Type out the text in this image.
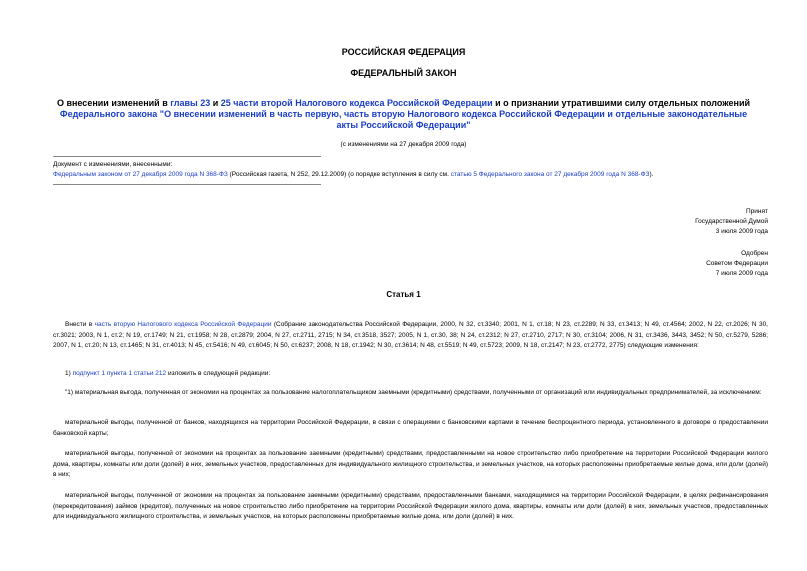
РОССИЙСКАЯ ФЕДЕРАЦИЯ
ФЕДЕРАЛЬНЫЙ ЗАКОН
О внесении изменений в главы 23 и 25 части второй Налогового кодекса Российской Федерации и о признании утратившими силу отдельных положений Федерального закона "О внесении изменений в часть первую, часть вторую Налогового кодекса Российской Федерации и отдельные законодательные акты Российской Федерации"
(с изменениями на 27 декабря 2009 года)
Документ с изменениями, внесенными:
Федеральным законом от 27 декабря 2009 года N 368-ФЗ (Российская газета, N 252, 29.12.2009) (о порядке вступления в силу см. статью 5 Федерального закона от 27 декабря 2009 года N 368-ФЗ).
Принят
Государственной Думой
3 июля 2009 года
Одобрен
Советом Федерации
7 июля 2009 года
Статья 1
Внести в часть вторую Налогового кодекса Российской Федерации (Собрание законодательства Российской Федерации, 2000, N 32, ст.3340; 2001, N 1, ст.18; N 23, ст.2289; N 33, ст.3413; N 49, ст.4564; 2002, N 22, ст.2026; N 30, ст.3021; 2003, N 1, ст.2; N 19, ст.1749; N 21, ст.1958; N 28, ст.2879; 2004, N 27, ст.2711, 2715; N 34, ст.3518, 3527; 2005, N 1, ст.30, 38; N 24, ст.2312; N 27, ст.2710, 2717; N 30, ст.3104; 2006, N 31, ст.3436, 3443, 3452; N 50, ст.5279, 5286; 2007, N 1, ст.20; N 13, ст.1465; N 31, ст.4013; N 45, ст.5416; N 49, ст.6045; N 50, ст.6237; 2008, N 18, ст.1942; N 30, ст.3614; N 48, ст.5519; N 49, ст.5723; 2009, N 18, ст.2147; N 23, ст.2772, 2775) следующие изменения:
1) подпункт 1 пункта 1 статьи 212 изложить в следующей редакции:
"1) материальная выгода, полученная от экономии на процентах за пользование налогоплательщиком заемными (кредитными) средствами, полученными от организаций или индивидуальных предпринимателей, за исключением:
материальной выгоды, полученной от банков, находящихся на территории Российской Федерации, в связи с операциями с банковскими картами в течение беспроцентного периода, установленного в договоре о предоставлении банковской карты;
материальной выгоды, полученной от экономии на процентах за пользование заемными (кредитными) средствами, предоставленными на новое строительство либо приобретение на территории Российской Федерации жилого дома, квартиры, комнаты или доли (долей) в них, земельных участков, предоставленных для индивидуального жилищного строительства, и земельных участков, на которых расположены приобретаемые жилые дома, или доли (долей) в них;
материальной выгоды, полученной от экономии на процентах за пользование заемными (кредитными) средствами, предоставленными банками, находящимися на территории Российской Федерации, в целях рефинансирования (перекредитования) займов (кредитов), полученных на новое строительство либо приобретение на территории Российской Федерации жилого дома, квартиры, комнаты или доли (долей) в них, земельных участков, предоставленных для индивидуального жилищного строительства, и земельных участков, на которых расположены приобретаемые жилые дома, или доли (долей) в них.
